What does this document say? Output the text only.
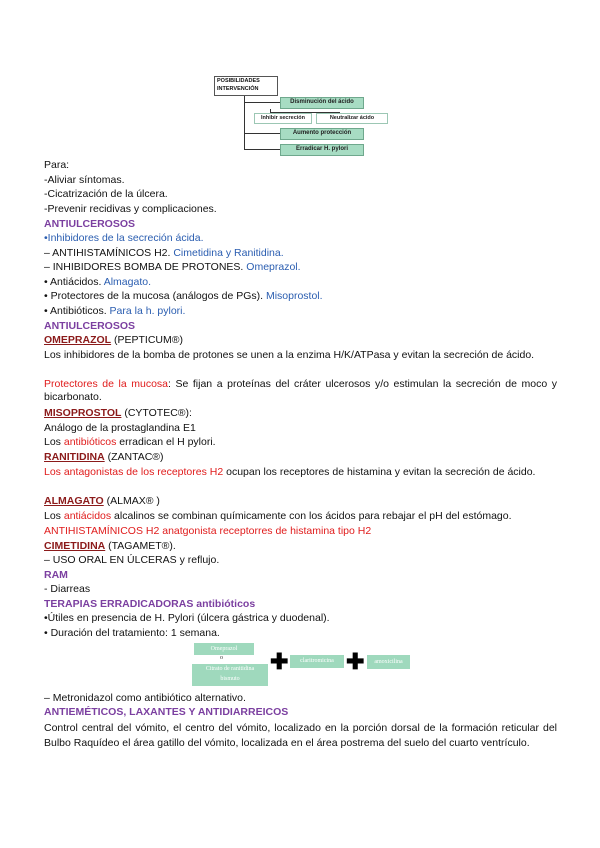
POSIBILIDADES
INTERVENCIÓN
Disminución del ácido
Inhibir secreción	Neutralizar ácido
Aumento protección
Erradicar H. pylori
Para:
-Aliviar síntomas.
-Cicatrización de la úlcera.
-Prevenir recidivas y complicaciones.
ANTIULCEROSOS
•Inhibidores de la secreción ácida.
– ANTIHISTAMÍNICOS H2. Cimetidina y Ranitidina.
– INHIBIDORES BOMBA DE PROTONES. Omeprazol.
• Antiácidos. Almagato.
• Protectores de la mucosa (análogos de PGs). Misoprostol.
• Antibióticos. Para la h. pylori.
ANTIULCEROSOS
OMEPRAZOL (PEPTICUM®)
Los inhibidores de la bomba de protones se unen a la enzima H/K/ATPasa y evitan la secreción de ácido.
Protectores de la mucosa: Se fijan a proteínas del cráter ulcerosos y/o estimulan la secreción de moco y bicarbonato.
MISOPROSTOL (CYTOTEC®):
Análogo de la prostaglandina E1
Los antibióticos erradican el H pylori.
RANITIDINA (ZANTAC®)
Los antagonistas de los receptores H2 ocupan los receptores de histamina y evitan la secreción de ácido.
ALMAGATO (ALMAX® )
Los antiácidos alcalinos se combinan químicamente con los ácidos para rebajar el pH del estómago.
ANTIHISTAMÍNICOS H2 anatgonista receptorres de histamina tipo H2
CIMETIDINA (TAGAMET®).
– USO ORAL EN ÚLCERAS y reflujo.
RAM
- Diarreas
TERAPIAS ERRADICADORAS antibióticos
•Útiles en presencia de H. Pylori (úlcera gástrica y duodenal).
• Duración del tratamiento: 1 semana.
Omeprazol
o
Citrato de ranitidina
bismuto
✚	claritromicina ✚	amoxicilina
– Metronidazol como antibiótico alternativo.
ANTIEMÉTICOS, LAXANTES Y ANTIDIARREICOS
Control central del vómito, el centro del vómito, localizado en la porción dorsal de la formación reticular del Bulbo Raquídeo el área gatillo del vómito, localizada en el área postrema del suelo del cuarto ventrículo.
